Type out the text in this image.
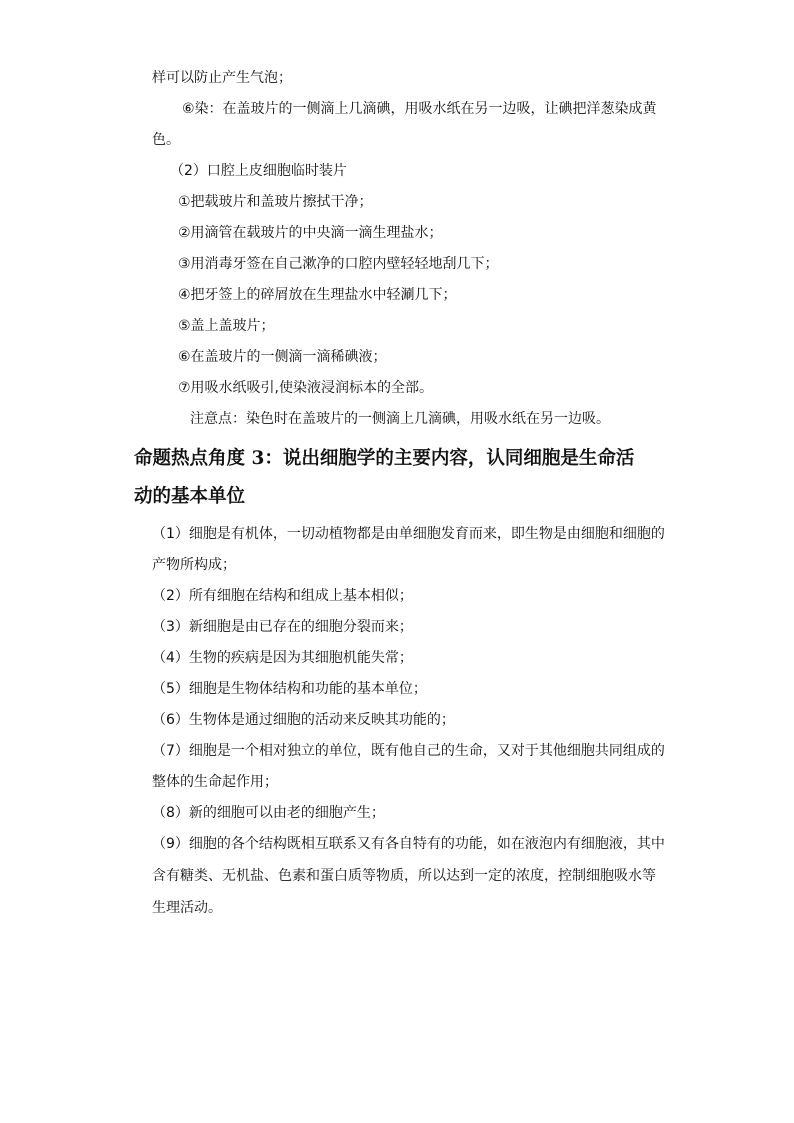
样可以防止产生气泡；
⑥染：在盖玻片的一侧滴上几滴碘，用吸水纸在另一边吸，让碘把洋葱染成黄
色。
（2）口腔上皮细胞临时装片
①把载玻片和盖玻片擦拭干净；
②用滴管在载玻片的中央滴一滴生理盐水；
③用消毒牙签在自己漱净的口腔内壁轻轻地刮几下；
④把牙签上的碎屑放在生理盐水中轻涮几下；
⑤盖上盖玻片；
⑥在盖玻片的一侧滴一滴稀碘液；
⑦用吸水纸吸引,使染液浸润标本的全部。
注意点：染色时在盖玻片的一侧滴上几滴碘，用吸水纸在另一边吸。
命题热点角度 3：说出细胞学的主要内容，认同细胞是生命活
动的基本单位
（1）细胞是有机体，一切动植物都是由单细胞发育而来，即生物是由细胞和细胞的
产物所构成；
（2）所有细胞在结构和组成上基本相似；
（3）新细胞是由已存在的细胞分裂而来；
（4）生物的疾病是因为其细胞机能失常；
（5）细胞是生物体结构和功能的基本单位；
（6）生物体是通过细胞的活动来反映其功能的；
（7）细胞是一个相对独立的单位，既有他自己的生命，又对于其他细胞共同组成的
整体的生命起作用；
（8）新的细胞可以由老的细胞产生；
（9）细胞的各个结构既相互联系又有各自特有的功能，如在液泡内有细胞液，其中
含有糖类、无机盐、色素和蛋白质等物质，所以达到一定的浓度，控制细胞吸水等
生理活动。
